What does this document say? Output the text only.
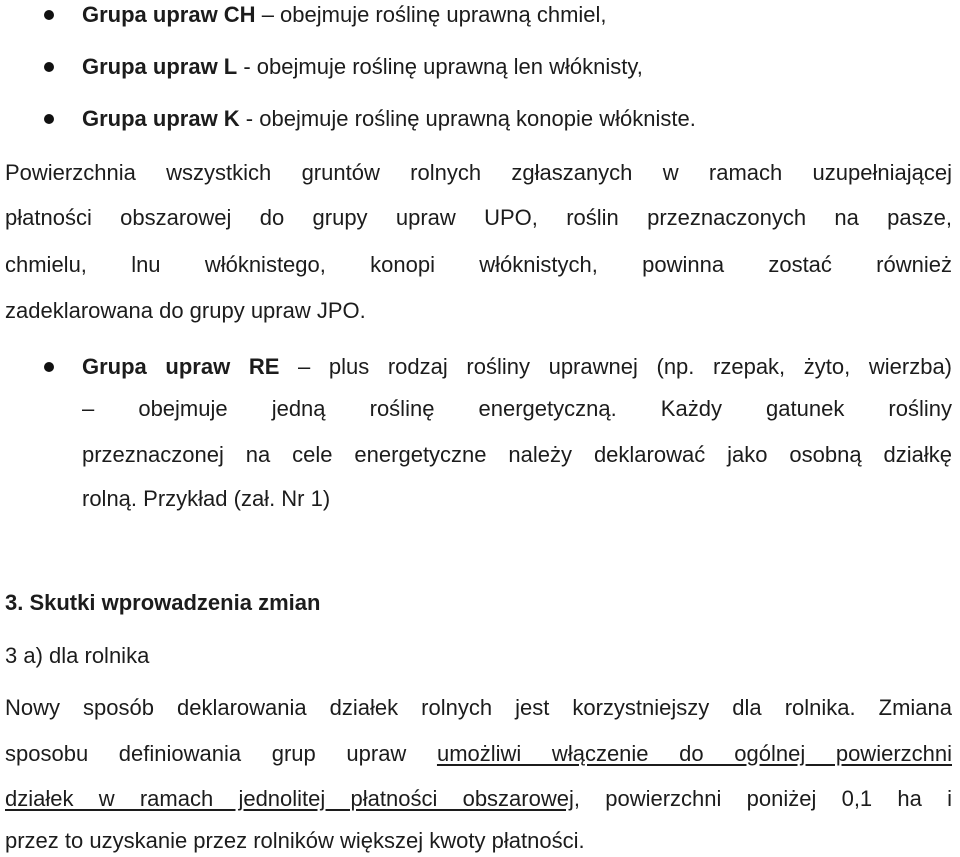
Grupa upraw CH – obejmuje roślinę uprawną chmiel,
Grupa upraw L - obejmuje roślinę uprawną len włóknisty,
Grupa upraw K - obejmuje roślinę uprawną konopie włókniste.
Powierzchnia wszystkich gruntów rolnych zgłaszanych w ramach uzupełniającej
płatności obszarowej do grupy upraw UPO, roślin przeznaczonych na pasze,
chmielu, lnu włóknistego, konopi włóknistych, powinna zostać również
zadeklarowana do grupy upraw JPO.
Grupa upraw RE – plus rodzaj rośliny uprawnej (np. rzepak, żyto, wierzba)
– obejmuje jedną roślinę energetyczną. Każdy gatunek rośliny
przeznaczonej na cele energetyczne należy deklarować jako osobną działkę
rolną. Przykład (zał. Nr 1)
3. Skutki wprowadzenia zmian
3 a) dla rolnika
Nowy sposób deklarowania działek rolnych jest korzystniejszy dla rolnika. Zmiana
sposobu definiowania grup upraw umożliwi włączenie do ogólnej powierzchni
działek w ramach jednolitej płatności obszarowej, powierzchni poniżej 0,1 ha i
przez to uzyskanie przez rolników większej kwoty płatności.
